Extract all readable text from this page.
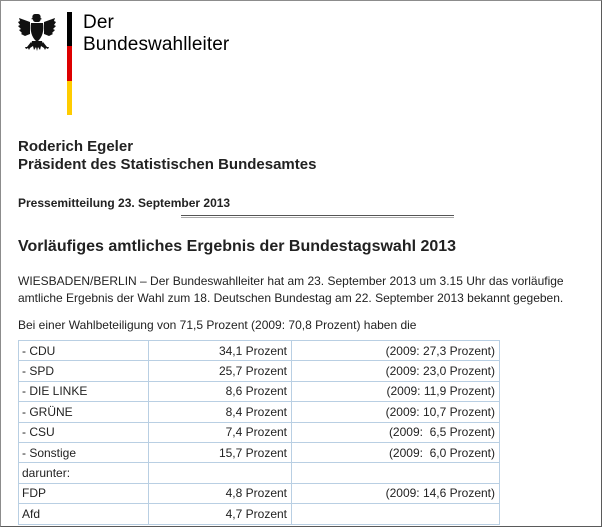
Der
Bundeswahlleiter
Roderich Egeler
Präsident des Statistischen Bundesamtes
Pressemitteilung 23. September 2013
Vorläufiges amtliches Ergebnis der Bundestagswahl 2013
WIESBADEN/BERLIN – Der Bundeswahlleiter hat am 23. September 2013 um 3.15 Uhr das vorläufige amtliche Ergebnis der Wahl zum 18. Deutschen Bundestag am 22. September 2013 bekannt gegeben.
Bei einer Wahlbeteiligung von 71,5 Prozent (2009: 70,8 Prozent) haben die
- CDU	34,1 Prozent	(2009: 27,3 Prozent)
- SPD	25,7 Prozent	(2009: 23,0 Prozent)
- DIE LINKE	8,6 Prozent	(2009: 11,9 Prozent)
- GRÜNE	8,4 Prozent	(2009: 10,7 Prozent)
- CSU	7,4 Prozent	(2009:  6,5 Prozent)
- Sonstige	15,7 Prozent	(2009:  6,0 Prozent)
darunter:		
FDP	4,8 Prozent	(2009: 14,6 Prozent)
Afd	4,7 Prozent	
